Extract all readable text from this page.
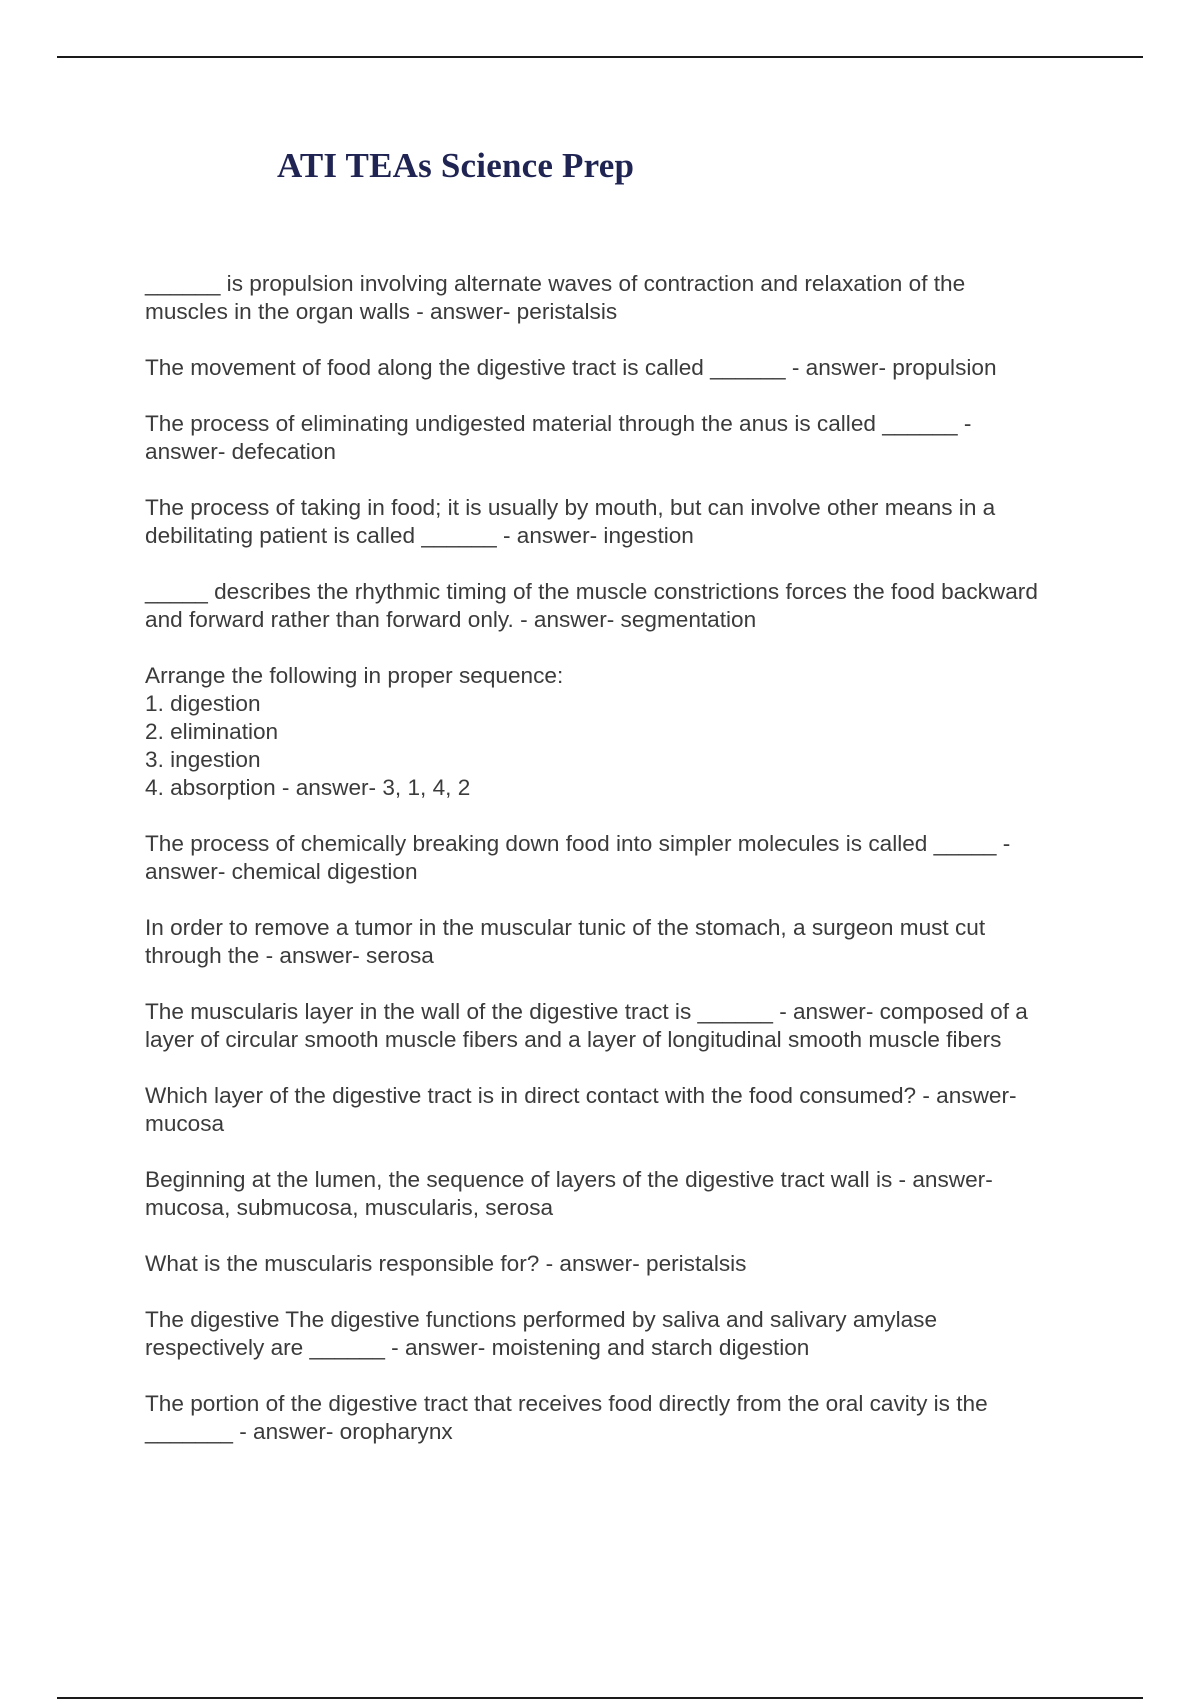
ATI TEAs Science Prep
______ is propulsion involving alternate waves of contraction and relaxation of the
muscles in the organ walls - answer- peristalsis
The movement of food along the digestive tract is called ______ - answer- propulsion
The process of eliminating undigested material through the anus is called ______ -
answer- defecation
The process of taking in food; it is usually by mouth, but can involve other means in a
debilitating patient is called ______ - answer- ingestion
_____ describes the rhythmic timing of the muscle constrictions forces the food backward
and forward rather than forward only. - answer- segmentation
Arrange the following in proper sequence:
1. digestion
2. elimination
3. ingestion
4. absorption - answer- 3, 1, 4, 2
The process of chemically breaking down food into simpler molecules is called _____ -
answer- chemical digestion
In order to remove a tumor in the muscular tunic of the stomach, a surgeon must cut
through the - answer- serosa
The muscularis layer in the wall of the digestive tract is ______ - answer- composed of a
layer of circular smooth muscle fibers and a layer of longitudinal smooth muscle fibers
Which layer of the digestive tract is in direct contact with the food consumed? - answer-
mucosa
Beginning at the lumen, the sequence of layers of the digestive tract wall is - answer-
mucosa, submucosa, muscularis, serosa
What is the muscularis responsible for? - answer- peristalsis
The digestive The digestive functions performed by saliva and salivary amylase
respectively are ______ - answer- moistening and starch digestion
The portion of the digestive tract that receives food directly from the oral cavity is the
_______ - answer- oropharynx
